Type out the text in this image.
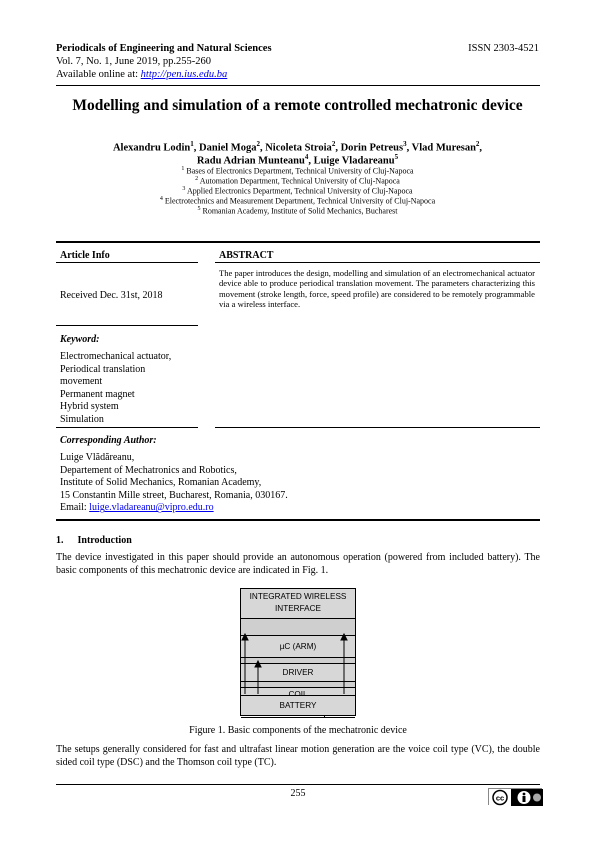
Periodicals of Engineering and Natural Sciences	ISSN 2303-4521
Vol. 7, No. 1, June 2019, pp.255-260
Available online at: http://pen.ius.edu.ba
Modelling and simulation of a remote controlled mechatronic device
Alexandru Lodin$^1$, Daniel Moga$^2$, Nicoleta Stroia$^2$, Dorin Petreus$^3$, Vlad Muresan$^2$,
Radu Adrian Munteanu$^4$, Luige Vladareanu$^5$
$^1$ Bases of Electronics Department, Technical University of Cluj-Napoca
$^2$ Automation Department, Technical University of Cluj-Napoca
$^3$ Applied Electronics Department, Technical University of Cluj-Napoca
$^4$ Electrotechnics and Measurement Department, Technical University of Cluj-Napoca
$^5$ Romanian Academy, Institute of Solid Mechanics, Bucharest
Article Info	ABSTRACT
Received Dec. 31st, 2018
The paper introduces the design, modelling and simulation of an electromechanical actuator device able to produce periodical translation movement. The parameters characterizing this movement (stroke length, force, speed profile) are considered to be remotely programmable via a wireless interface.
Keyword:
Electromechanical actuator,
Periodical translation
movement
Permanent magnet
Hybrid system
Simulation
Corresponding Author:
Luige Vlădăreanu,
Departement of Mechatronics and Robotics,
Institute of Solid Mechanics, Romanian Academy,
15 Constantin Mille street, Bucharest, Romania, 030167.
Email: luige.vladareanu@vipro.edu.ro
1. Introduction
The device investigated in this paper should provide an autonomous operation (powered from included battery). The basic components of this mechatronic device are indicated in Fig. 1.
INTEGRATED WIRELESS
INTERFACE
µC (ARM)
DRIVER
BATTERY
Figure 1. Basic components of the mechatronic device
The setups generally considered for fast and ultrafast linear motion generation are the voice coil type (VC), the double sided coil type (DSC) and the Thomson coil type (TC).
255	cc
